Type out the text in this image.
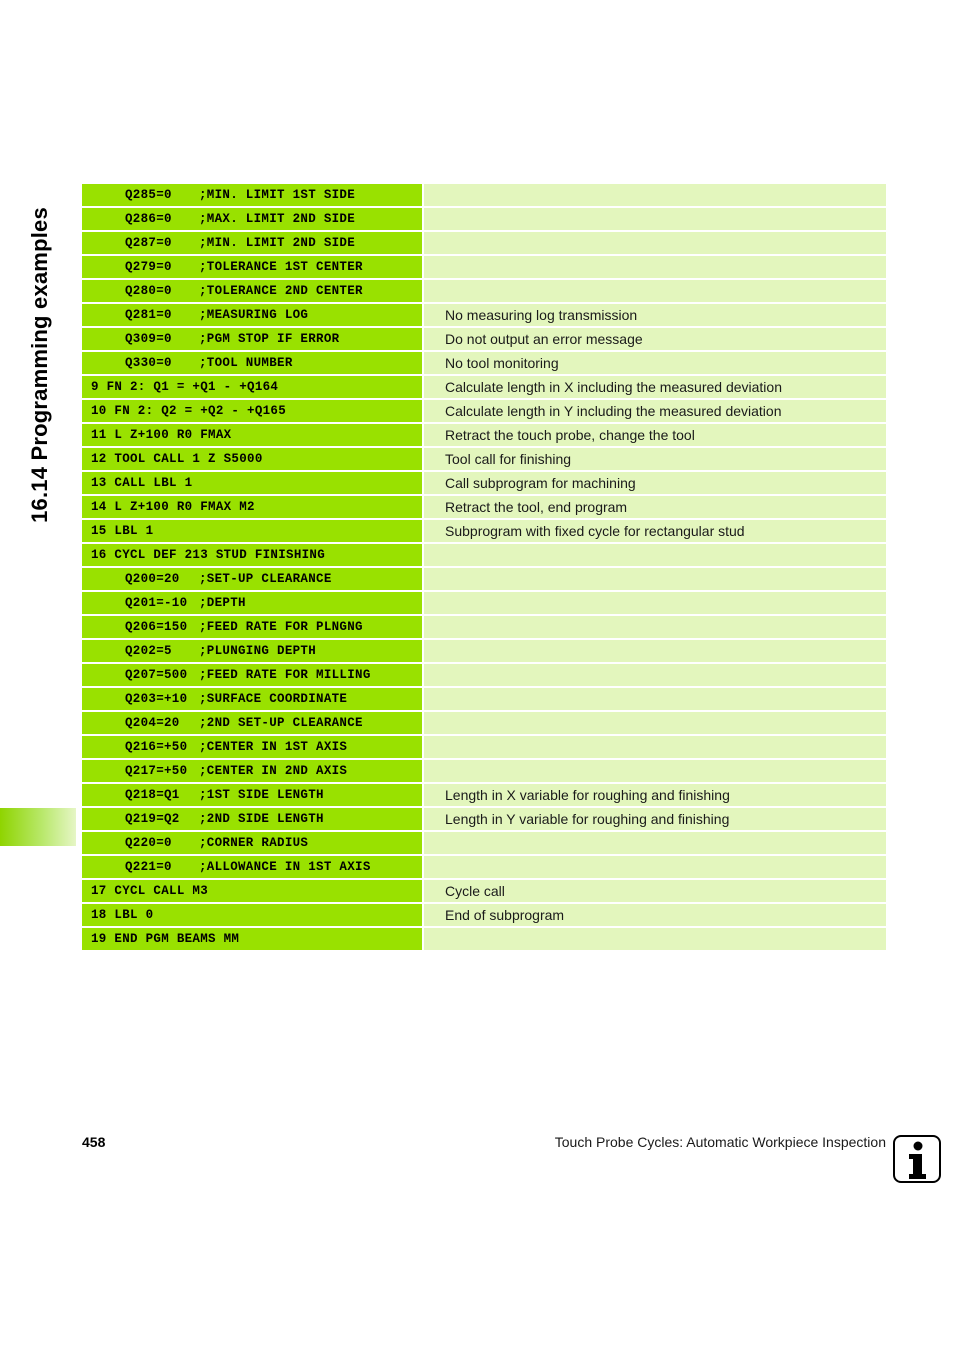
16.14 Programming examples
Q285=0	;MIN. LIMIT 1ST SIDE
Q286=0	;MAX. LIMIT 2ND SIDE
Q287=0	;MIN. LIMIT 2ND SIDE
Q279=0	;TOLERANCE 1ST CENTER
Q280=0	;TOLERANCE 2ND CENTER
Q281=0	;MEASURING LOG	No measuring log transmission
Q309=0	;PGM STOP IF ERROR	Do not output an error message
Q330=0	;TOOL NUMBER	No tool monitoring
9 FN 2: Q1 = +Q1 - +Q164	Calculate length in X including the measured deviation
10 FN 2: Q2 = +Q2 - +Q165	Calculate length in Y including the measured deviation
11 L Z+100 R0 FMAX	Retract the touch probe, change the tool
12 TOOL CALL 1 Z S5000	Tool call for finishing
13 CALL LBL 1	Call subprogram for machining
14 L Z+100 R0 FMAX M2	Retract the tool, end program
15 LBL 1	Subprogram with fixed cycle for rectangular stud
16 CYCL DEF 213 STUD FINISHING
Q200=20	;SET-UP CLEARANCE
Q201=-10 ;DEPTH
Q206=150 ;FEED RATE FOR PLNGNG
Q202=5	;PLUNGING DEPTH
Q207=500 ;FEED RATE FOR MILLING
Q203=+10 ;SURFACE COORDINATE
Q204=20	;2ND SET-UP CLEARANCE
Q216=+50 ;CENTER IN 1ST AXIS
Q217=+50 ;CENTER IN 2ND AXIS
Q218=Q1	;1ST SIDE LENGTH	Length in X variable for roughing and finishing
Q219=Q2	;2ND SIDE LENGTH	Length in Y variable for roughing and finishing
Q220=0	;CORNER RADIUS
Q221=0	;ALLOWANCE IN 1ST AXIS
17 CYCL CALL M3	Cycle call
18 LBL 0	End of subprogram
19 END PGM BEAMS MM
458	Touch Probe Cycles: Automatic Workpiece Inspection
